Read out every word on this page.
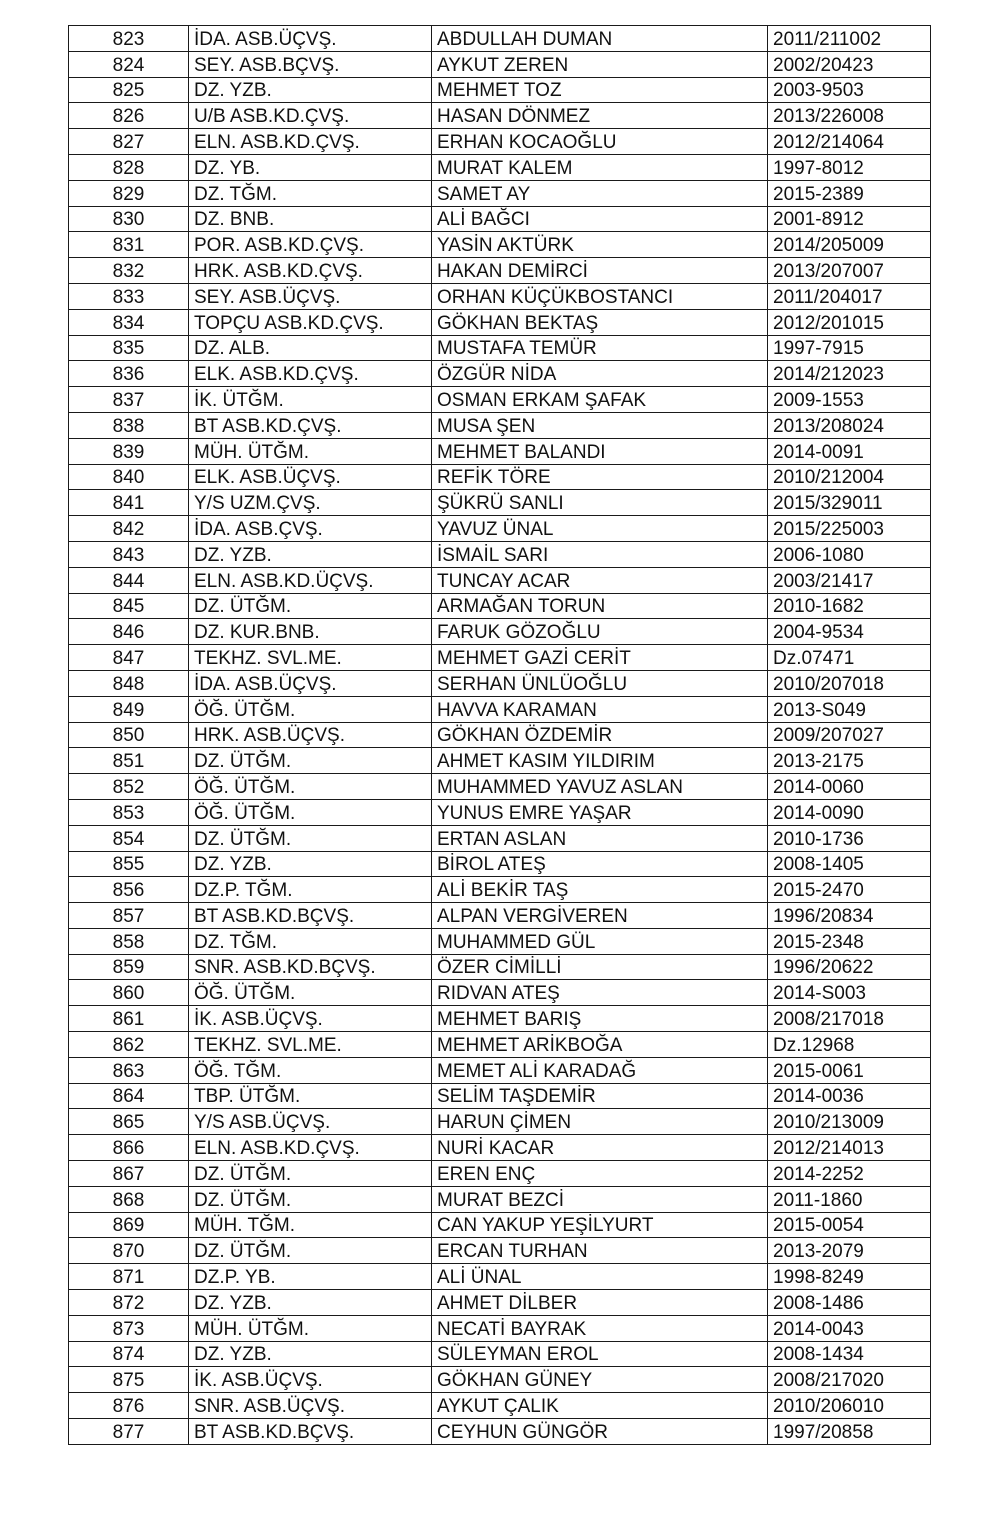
823	İDA. ASB.ÜÇVŞ.	ABDULLAH DUMAN	2011/211002
824	SEY. ASB.BÇVŞ.	AYKUT ZEREN	2002/20423
825	DZ. YZB.	MEHMET TOZ	2003-9503
826	U/B ASB.KD.ÇVŞ.	HASAN DÖNMEZ	2013/226008
827	ELN. ASB.KD.ÇVŞ.	ERHAN KOCAOĞLU	2012/214064
828	DZ. YB.	MURAT KALEM	1997-8012
829	DZ. TĞM.	SAMET AY	2015-2389
830	DZ. BNB.	ALİ BAĞCI	2001-8912
831	POR. ASB.KD.ÇVŞ.	YASİN AKTÜRK	2014/205009
832	HRK. ASB.KD.ÇVŞ.	HAKAN DEMİRCİ	2013/207007
833	SEY. ASB.ÜÇVŞ.	ORHAN KÜÇÜKBOSTANCI	2011/204017
834	TOPÇU ASB.KD.ÇVŞ.	GÖKHAN BEKTAŞ	2012/201015
835	DZ. ALB.	MUSTAFA TEMÜR	1997-7915
836	ELK. ASB.KD.ÇVŞ.	ÖZGÜR NİDA	2014/212023
837	İK. ÜTĞM.	OSMAN ERKAM ŞAFAK	2009-1553
838	BT ASB.KD.ÇVŞ.	MUSA ŞEN	2013/208024
839	MÜH. ÜTĞM.	MEHMET BALANDI	2014-0091
840	ELK. ASB.ÜÇVŞ.	REFİK TÖRE	2010/212004
841	Y/S UZM.ÇVŞ.	ŞÜKRÜ SANLI	2015/329011
842	İDA. ASB.ÇVŞ.	YAVUZ ÜNAL	2015/225003
843	DZ. YZB.	İSMAİL SARI	2006-1080
844	ELN. ASB.KD.ÜÇVŞ.	TUNCAY ACAR	2003/21417
845	DZ. ÜTĞM.	ARMAĞAN TORUN	2010-1682
846	DZ. KUR.BNB.	FARUK GÖZOĞLU	2004-9534
847	TEKHZ. SVL.ME.	MEHMET GAZİ CERİT	Dz.07471
848	İDA. ASB.ÜÇVŞ.	SERHAN ÜNLÜOĞLU	2010/207018
849	ÖĞ. ÜTĞM.	HAVVA KARAMAN	2013-S049
850	HRK. ASB.ÜÇVŞ.	GÖKHAN ÖZDEMİR	2009/207027
851	DZ. ÜTĞM.	AHMET KASIM YILDIRIM	2013-2175
852	ÖĞ. ÜTĞM.	MUHAMMED YAVUZ ASLAN	2014-0060
853	ÖĞ. ÜTĞM.	YUNUS EMRE YAŞAR	2014-0090
854	DZ. ÜTĞM.	ERTAN ASLAN	2010-1736
855	DZ. YZB.	BİROL ATEŞ	2008-1405
856	DZ.P. TĞM.	ALİ BEKİR TAŞ	2015-2470
857	BT ASB.KD.BÇVŞ.	ALPAN VERGİVEREN	1996/20834
858	DZ. TĞM.	MUHAMMED GÜL	2015-2348
859	SNR. ASB.KD.BÇVŞ.	ÖZER CİMİLLİ	1996/20622
860	ÖĞ. ÜTĞM.	RIDVAN ATEŞ	2014-S003
861	İK. ASB.ÜÇVŞ.	MEHMET BARIŞ	2008/217018
862	TEKHZ. SVL.ME.	MEHMET ARİKBOĞA	Dz.12968
863	ÖĞ. TĞM.	MEMET ALİ KARADAĞ	2015-0061
864	TBP. ÜTĞM.	SELİM TAŞDEMİR	2014-0036
865	Y/S ASB.ÜÇVŞ.	HARUN ÇİMEN	2010/213009
866	ELN. ASB.KD.ÇVŞ.	NURİ KACAR	2012/214013
867	DZ. ÜTĞM.	EREN ENÇ	2014-2252
868	DZ. ÜTĞM.	MURAT BEZCİ	2011-1860
869	MÜH. TĞM.	CAN YAKUP YEŞİLYURT	2015-0054
870	DZ. ÜTĞM.	ERCAN TURHAN	2013-2079
871	DZ.P. YB.	ALİ ÜNAL	1998-8249
872	DZ. YZB.	AHMET DİLBER	2008-1486
873	MÜH. ÜTĞM.	NECATİ BAYRAK	2014-0043
874	DZ. YZB.	SÜLEYMAN EROL	2008-1434
875	İK. ASB.ÜÇVŞ.	GÖKHAN GÜNEY	2008/217020
876	SNR. ASB.ÜÇVŞ.	AYKUT ÇALIK	2010/206010
877	BT ASB.KD.BÇVŞ.	CEYHUN GÜNGÖR	1997/20858
